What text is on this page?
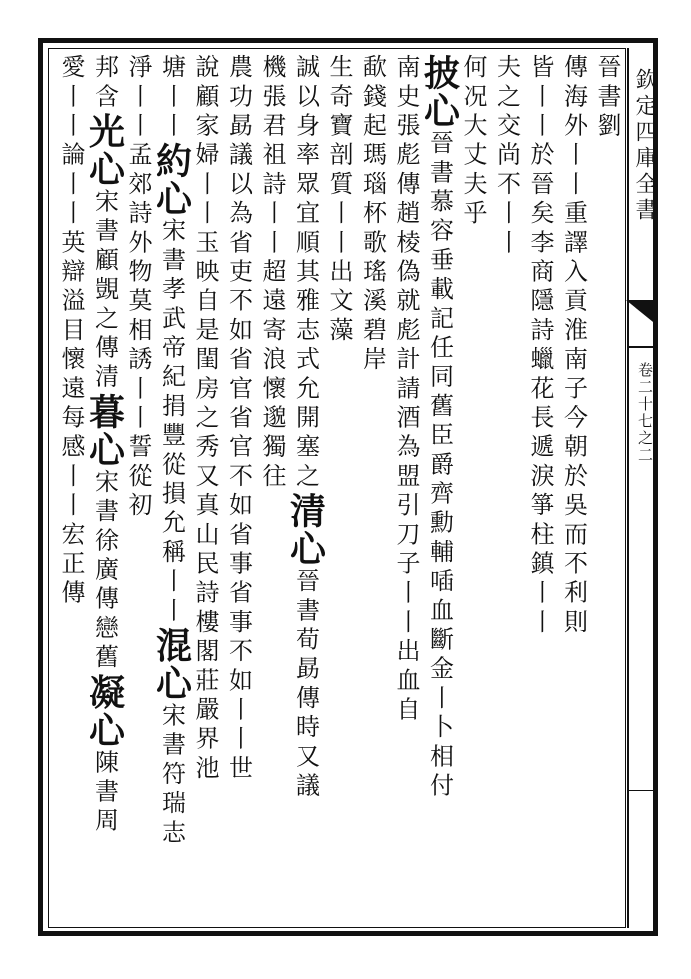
欽定四庫全書
卷二十七之二
晉書劉
傳海外丨丨重譯入貢淮南子今朝於吳而不利則
皆丨丨於晉矣李商隱詩蠟花長遞淚箏柱鎮丨丨
夫之交尚不丨丨
何况大丈夫乎
披心晉書慕容垂載記任同舊臣爵齊勳輔喢血斷金丨卜相付
南史張彪傳趙棱偽就彪計請酒為盟引刀子丨丨出血自
歃錢起瑪瑙杯歌瑤溪碧岸
生奇寶剖質丨丨出文藻
誠以身率眾宜順其雅志式允開塞之清心晉書荀勗傳時又議
機張君祖詩丨丨超遠寄浪懷邈獨往
農功勗議以為省吏不如省官省官不如省事省事不如丨丨世
說顧家婦丨丨玉映自是閨房之秀又真山民詩樓閣莊嚴界池
塘丨丨約心宋書孝武帝紀捐豐從損允稱丨丨混心宋書符瑞志
淨丨丨孟郊詩外物莫相誘丨丨誓從初
邦含光心宋書顧覬之傳清暮心宋書徐廣傳戀舊凝心陳書周
愛丨丨論丨丨英辯溢目懷遠每感丨丨宏正傳
